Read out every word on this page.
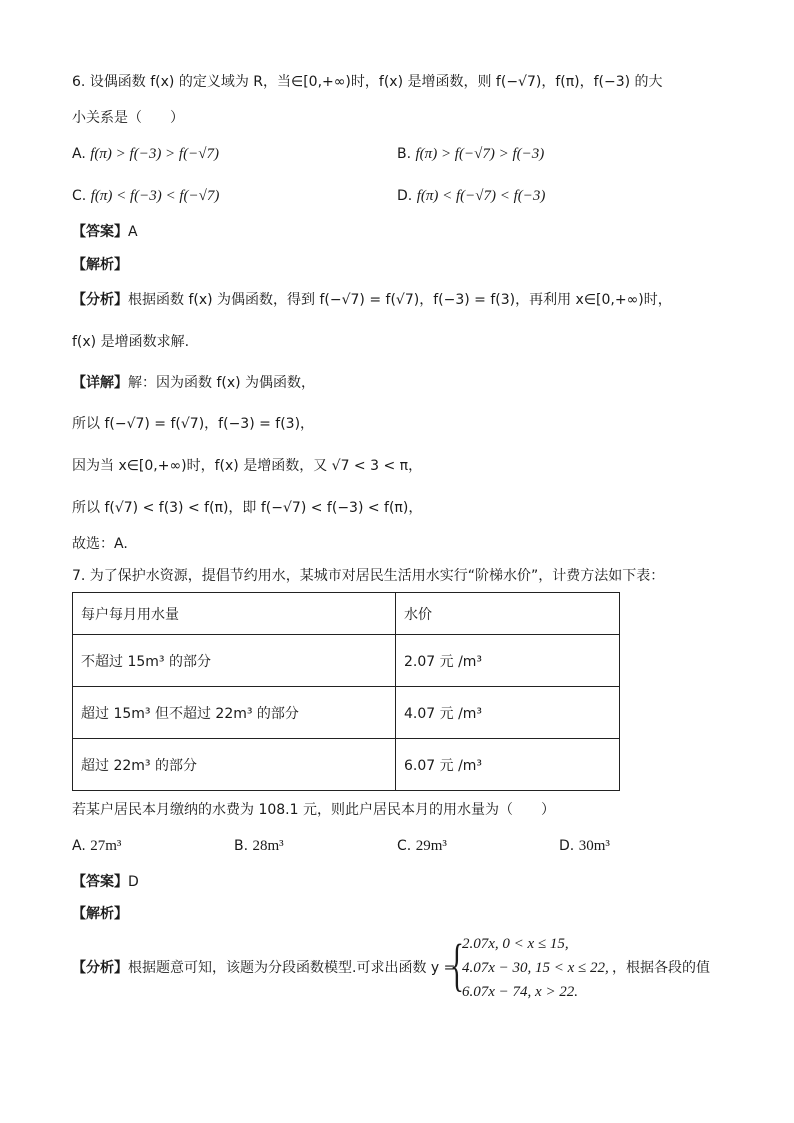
6. 设偶函数 f(x) 的定义域为 R，当∈[0,+∞)时，f(x) 是增函数，则 f(−√7)，f(π)，f(−3) 的大
小关系是（　　）
A. f(π) > f(−3) > f(−√7)	B. f(π) > f(−√7) > f(−3)
C. f(π) < f(−3) < f(−√7)	D. f(π) < f(−√7) < f(−3)
【答案】A
【解析】
【分析】根据函数 f(x) 为偶函数，得到 f(−√7) = f(√7)，f(−3) = f(3)，再利用 x∈[0,+∞)时，
f(x) 是增函数求解.
【详解】解：因为函数 f(x) 为偶函数，
所以 f(−√7) = f(√7)，f(−3) = f(3)，
因为当 x∈[0,+∞)时，f(x) 是增函数，又 √7 < 3 < π，
所以 f(√7) < f(3) < f(π)，即 f(−√7) < f(−3) < f(π)，
故选：A.
7. 为了保护水资源，提倡节约用水，某城市对居民生活用水实行“阶梯水价”，计费方法如下表：
每户每月用水量	水价
不超过 15m³ 的部分	2.07 元 /m³
超过 15m³ 但不超过 22m³ 的部分	4.07 元 /m³
超过 22m³ 的部分	6.07 元 /m³
若某户居民本月缴纳的水费为 108.1 元，则此户居民本月的用水量为（　　）
A. 27m³	B. 28m³	C. 29m³	D. 30m³
【答案】D
【解析】
【分析】根据题意可知，该题为分段函数模型.可求出函数 y =
{
2.07x, 0 < x ≤ 15,
4.07x − 30, 15 < x ≤ 22,
6.07x − 74, x > 22.
，根据各段的值
